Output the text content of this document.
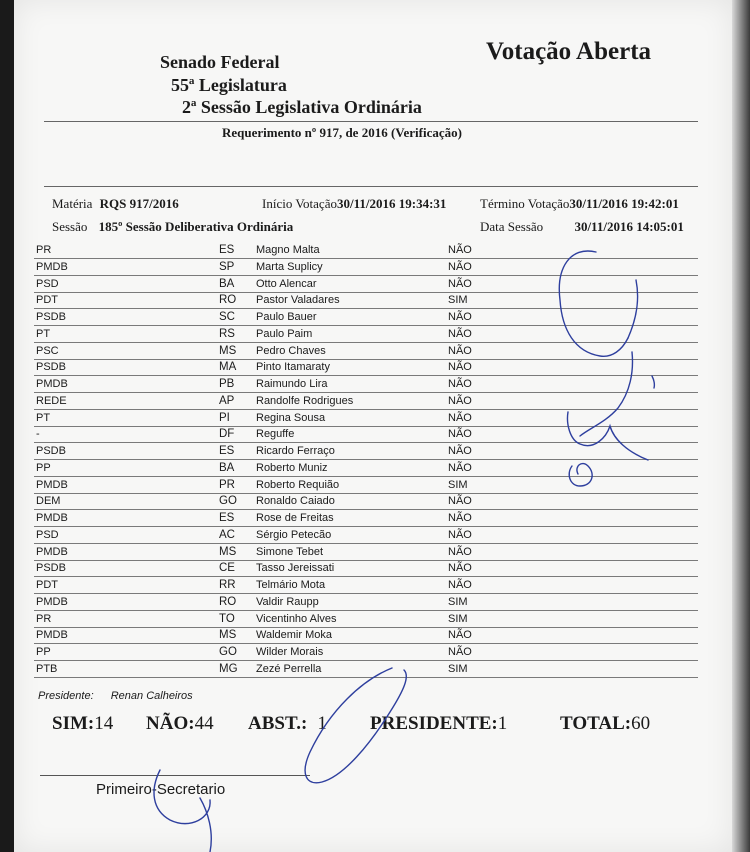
Senado Federal
55ª Legislatura
2ª Sessão Legislativa Ordinária
Votação Aberta
Requerimento nº 917, de 2016 (Verificação)
Matéria RQS 917/2016	Início Votação30/11/2016 19:34:31	Término Votação30/11/2016 19:42:01
Sessão 185º Sessão Deliberativa Ordinária	Data Sessão 30/11/2016 14:05:01
PR	ES Magno Malta	NÃO
PMDB	SP Marta Suplicy	NÃO
PSD	BA Otto Alencar	NÃO
PDT	RO Pastor Valadares	SIM
PSDB	SC Paulo Bauer	NÃO
PT	RS Paulo Paim	NÃO
PSC	MS Pedro Chaves	NÃO
PSDB	MA Pinto Itamaraty	NÃO
PMDB	PB Raimundo Lira	NÃO
REDE	AP Randolfe Rodrigues	NÃO
PT	PI Regina Sousa	NÃO
-	DF Reguffe	NÃO
PSDB	ES Ricardo Ferraço	NÃO
PP	BA Roberto Muniz	NÃO
PMDB	PR Roberto Requião	SIM
DEM	GO Ronaldo Caiado	NÃO
PMDB	ES Rose de Freitas	NÃO
PSD	AC Sérgio Petecão	NÃO
PMDB	MS Simone Tebet	NÃO
PSDB	CE Tasso Jereissati	NÃO
PDT	RR Telmário Mota	NÃO
PMDB	RO Valdir Raupp	SIM
PR	TO Vicentinho Alves	SIM
PMDB	MS Waldemir Moka	NÃO
PP	GO Wilder Morais	NÃO
PTB	MG Zezé Perrella	SIM
Presidente: Renan Calheiros
SIM:14 NÃO:44 ABST.: 1 PRESIDENTE:1	TOTAL:60
Primeiro-Secretario
